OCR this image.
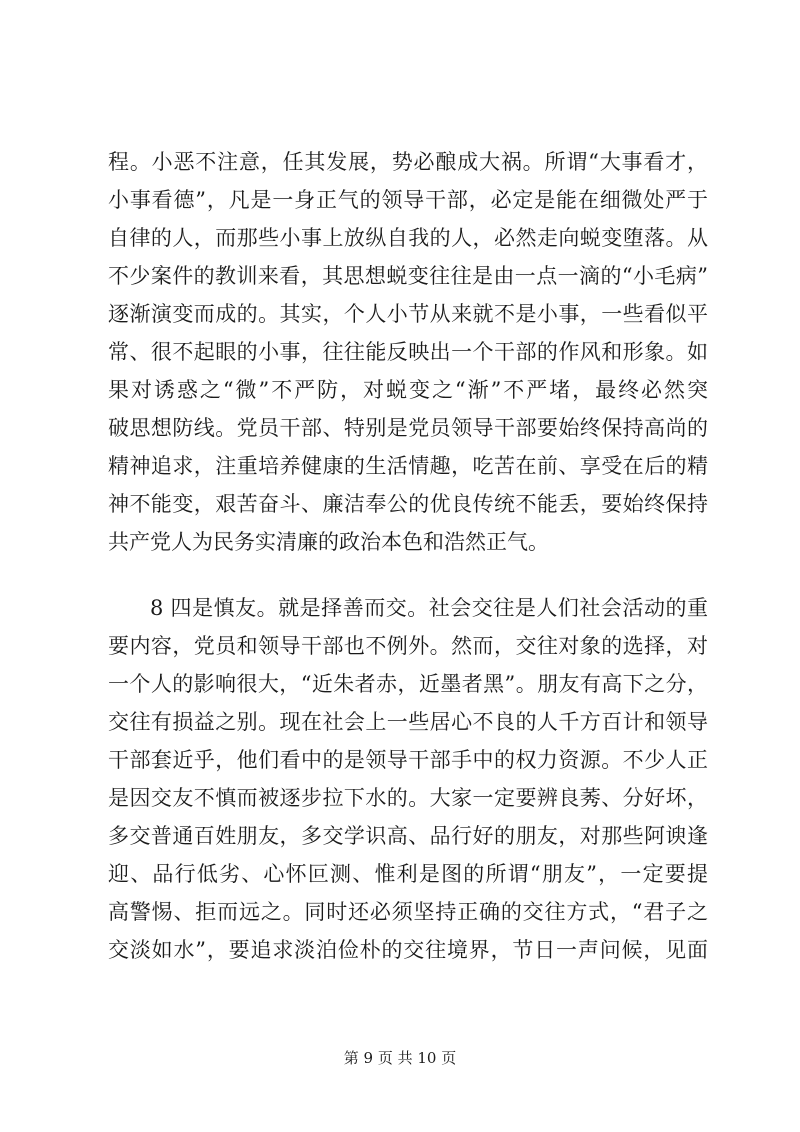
程。小恶不注意，任其发展，势必酿成大祸。所谓“大事看才，
小事看德”，凡是一身正气的领导干部，必定是能在细微处严于
自律的人，而那些小事上放纵自我的人，必然走向蜕变堕落。从
不少案件的教训来看，其思想蜕变往往是由一点一滴的“小毛病”
逐渐演变而成的。其实，个人小节从来就不是小事，一些看似平
常、很不起眼的小事，往往能反映出一个干部的作风和形象。如
果对诱惑之“微”不严防，对蜕变之“渐”不严堵，最终必然突
破思想防线。党员干部、特别是党员领导干部要始终保持高尚的
精神追求，注重培养健康的生活情趣，吃苦在前、享受在后的精
神不能变，艰苦奋斗、廉洁奉公的优良传统不能丢，要始终保持
共产党人为民务实清廉的政治本色和浩然正气。
8 四是慎友。就是择善而交。社会交往是人们社会活动的重
要内容，党员和领导干部也不例外。然而，交往对象的选择，对
一个人的影响很大，“近朱者赤，近墨者黑”。朋友有高下之分，
交往有损益之别。现在社会上一些居心不良的人千方百计和领导
干部套近乎，他们看中的是领导干部手中的权力资源。不少人正
是因交友不慎而被逐步拉下水的。大家一定要辨良莠、分好坏，
多交普通百姓朋友，多交学识高、品行好的朋友，对那些阿谀逢
迎、品行低劣、心怀叵测、惟利是图的所谓“朋友”，一定要提
高警惕、拒而远之。同时还必须坚持正确的交往方式，“君子之
交淡如水”，要追求淡泊俭朴的交往境界，节日一声问候，见面
第 9 页 共 10 页
